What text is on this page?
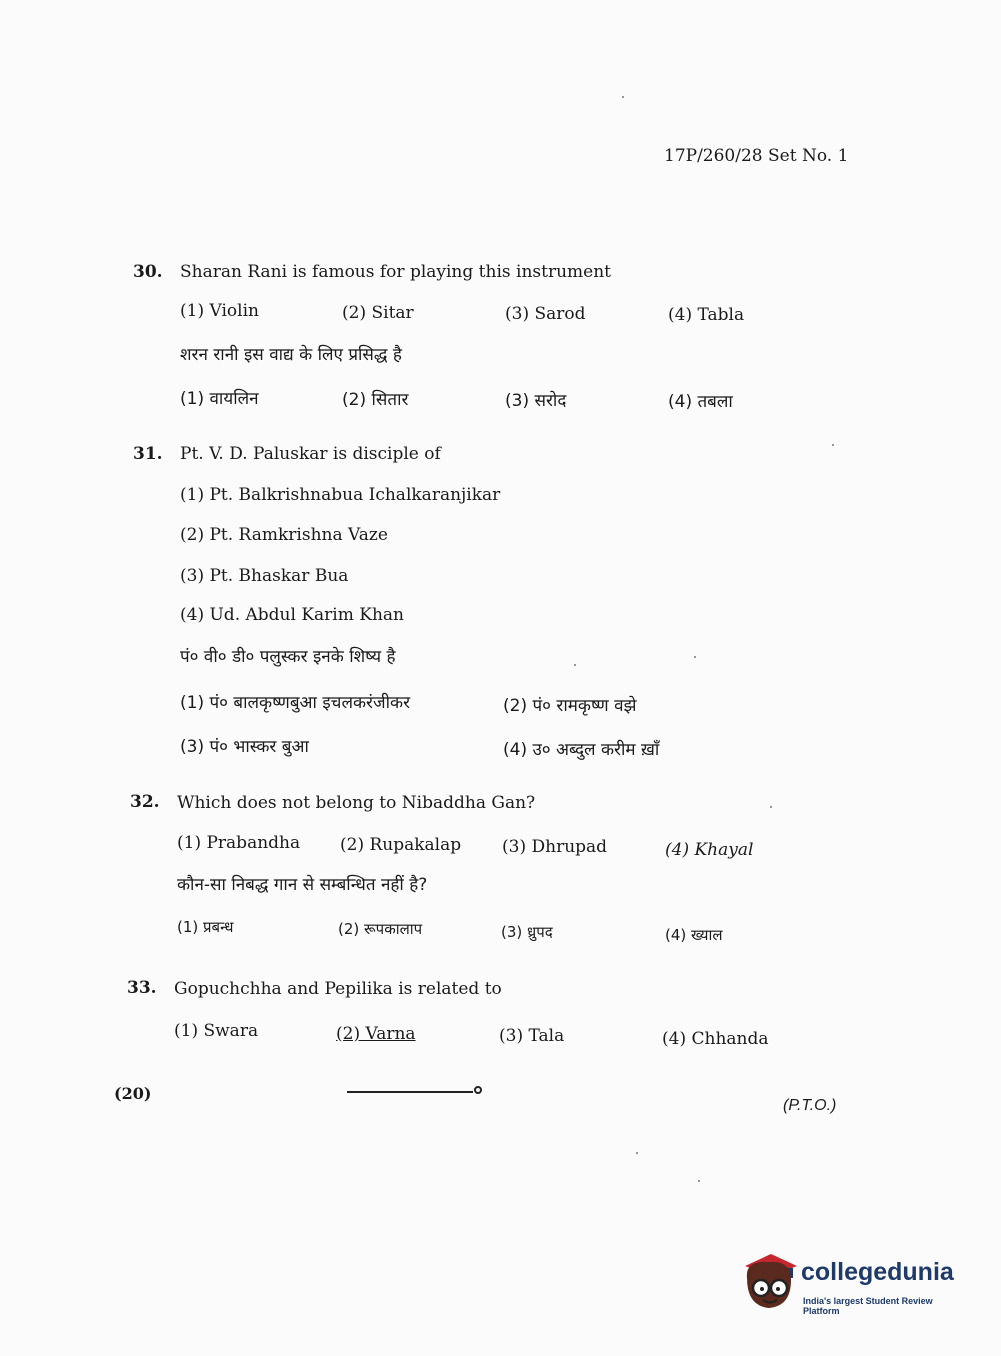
17P/260/28 Set No. 1
30. Sharan Rani is famous for playing this instrument
(1) Violin	(2) Sitar	(3) Sarod	(4) Tabla
शरन रानी इस वाद्य के लिए प्रसिद्ध है
(1) वायलिन	(2) सितार	(3) सरोद	(4) तबला
31. Pt. V. D. Paluskar is disciple of
(1) Pt. Balkrishnabua Ichalkaranjikar
(2) Pt. Ramkrishna Vaze
(3) Pt. Bhaskar Bua
(4) Ud. Abdul Karim Khan
पं० वी० डी० पलुस्कर इनके शिष्य है
(1) पं० बालकृष्णबुआ इचलकरंजीकर	(2) पं० रामकृष्ण वझे
(3) पं० भास्कर बुआ	(4) उ० अब्दुल करीम ख़ाँ
32. Which does not belong to Nibaddha Gan?
(1) Prabandha (2) Rupakalap (3) Dhrupad	(4) Khayal
कौन-सा निबद्ध गान से सम्बन्धित नहीं है?
(1) प्रबन्ध	(2) रूपकालाप	(3) ध्रुपद	(4) ख्याल
33. Gopuchchha and Pepilika is related to
(1) Swara	(2) Varna	(3) Tala	(4) Chhanda
(20)
(P.T.O.)
collegedunia
India's largest Student Review Platform
